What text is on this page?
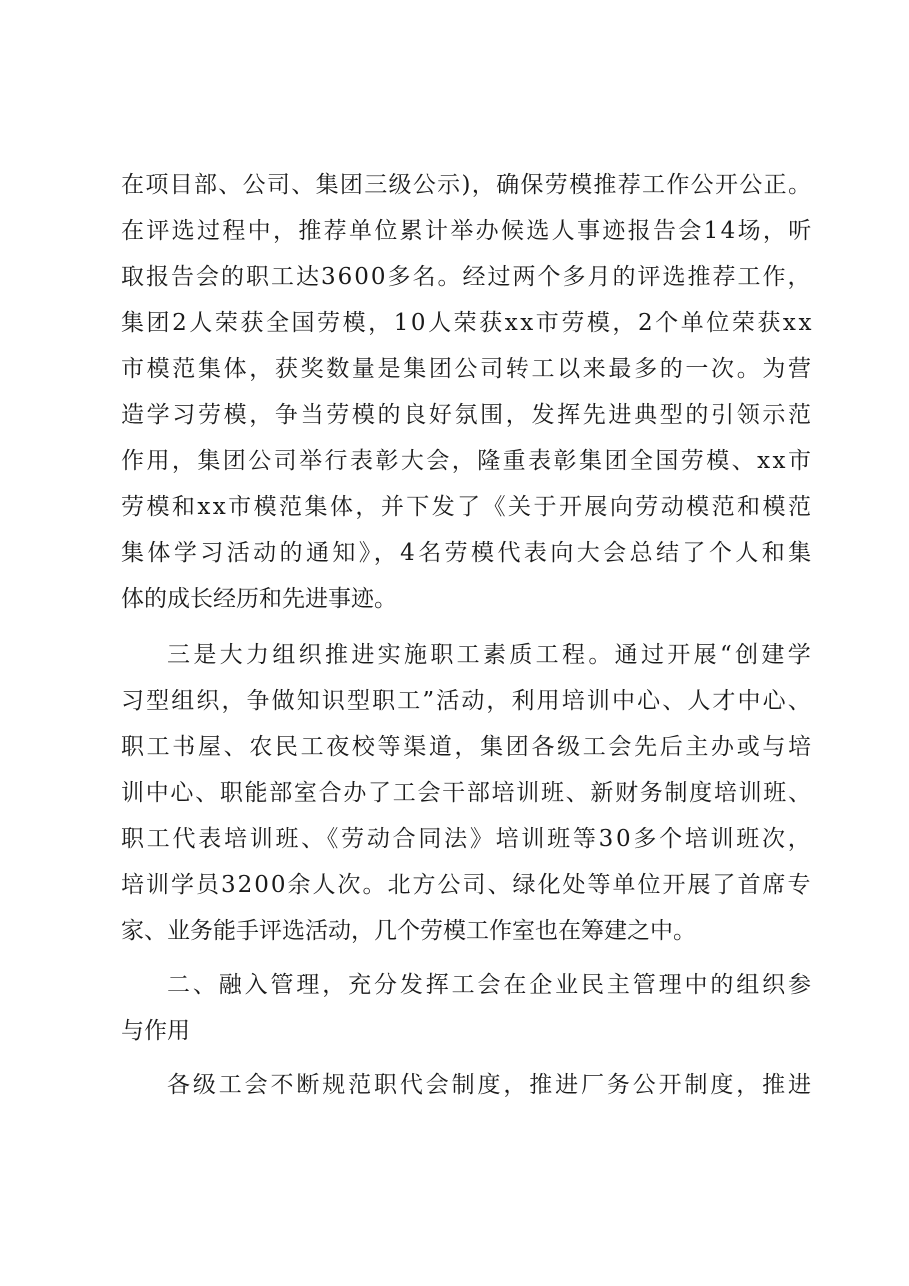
在项目部、公司、集团三级公示)，确保劳模推荐工作公开公正。
在评选过程中，推荐单位累计举办候选人事迹报告会14场，听
取报告会的职工达3600多名。经过两个多月的评选推荐工作，
集团2人荣获全国劳模，10人荣获xx市劳模，2个单位荣获xx
市模范集体，获奖数量是集团公司转工以来最多的一次。为营
造学习劳模，争当劳模的良好氛围，发挥先进典型的引领示范
作用，集团公司举行表彰大会，隆重表彰集团全国劳模、xx市
劳模和xx市模范集体，并下发了《关于开展向劳动模范和模范
集体学习活动的通知》，4名劳模代表向大会总结了个人和集
体的成长经历和先进事迹。
三是大力组织推进实施职工素质工程。通过开展“创建学
习型组织，争做知识型职工”活动，利用培训中心、人才中心、
职工书屋、农民工夜校等渠道，集团各级工会先后主办或与培
训中心、职能部室合办了工会干部培训班、新财务制度培训班、
职工代表培训班、《劳动合同法》培训班等30多个培训班次，
培训学员3200余人次。北方公司、绿化处等单位开展了首席专
家、业务能手评选活动，几个劳模工作室也在筹建之中。
二、融入管理，充分发挥工会在企业民主管理中的组织参
与作用
各级工会不断规范职代会制度，推进厂务公开制度，推进
